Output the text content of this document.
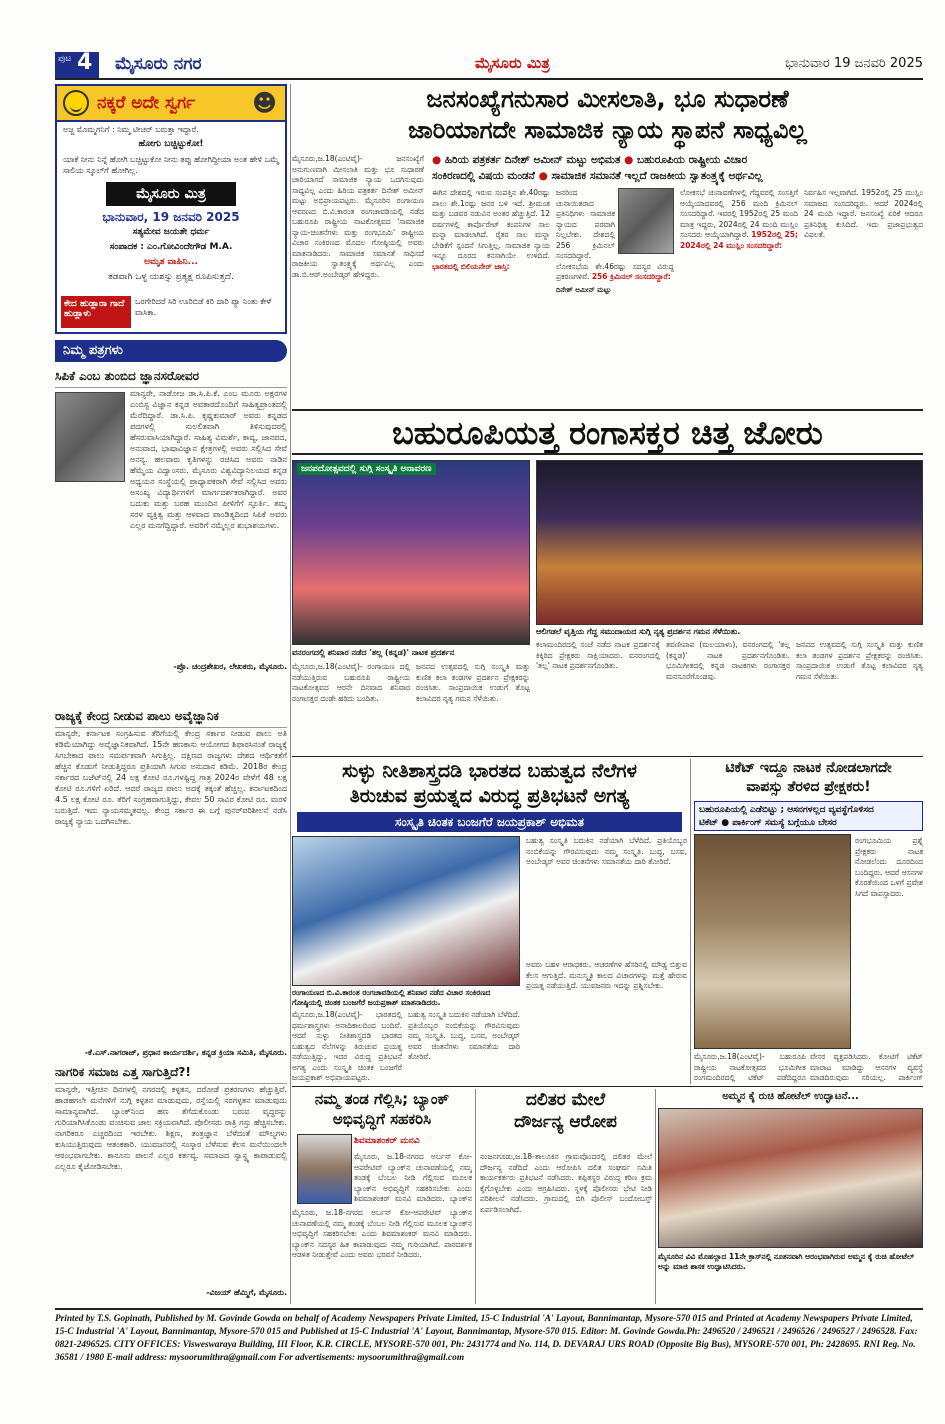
ಪುಟ 4 ಮೈಸೂರು ನಗರ	ಮೈಸೂರು ಮಿತ್ರ	ಭಾನುವಾರ 19 ಜನವರಿ 2025
ನಕ್ಕರೆ ಅದೇ ಸ್ವರ್ಗ ☻

ಅಜ್ಜ ಮೊಮ್ಮಗನಿಗೆ : ನಿಮ್ಮ ಟೀಚರ್ ಬರುತ್ತಾ ಇದ್ದಾರೆ.

ಹೋಗು ಬಚ್ಚಿಟ್ಟುಕೋ!

ಯಾಕೆ ನೀನು ನಿನ್ನೆ ಹೋಗಿ ಬಚ್ಚಿಟ್ಟುಕೋ ನೀನು ತಪ್ಪು ಹೋಗಿದ್ದೀಯಾ ಅಂತ ಹೇಳಿ ಒಮ್ಮೆ ಸಾಲಿಯ ಸ್ಕೂಲ್‌ಗೆ ಹೋಗಿಲ್ಲ.

ಮೈಸೂರು ಮಿತ್ರ
ಭಾನುವಾರ, 19 ಜನವರಿ 2025

ಸತ್ಯಮೇವ ಜಯತೇ ಧರ್ಮ

ಸಂಪಾದಕ : ಎಂ.ಗೋವಿಂದೇಗೌಡ M.A.

ಅಮೃತ ವಾಹಿನಿ...

ತಡವಾಗಿ ಒಳ್ಳ ಯಶಸ್ಸು ಪ್ರತ್ಯಕ್ಷ ರೂಪಿಸುತ್ತದೆ.

ಕೇದ ಹುಡ್ಲಾರಾ ಗಾದೆ ಹುಡ್ಲಾಳು
ಒರಗೇರಿದರೆ ಸಿರಿ ಊರಿಬಿಡೆ ಕಿರಿ ದಾರಿ ಪ್ಯಾ ನಿಂತು ಕೇಳೆ ವಾಸಿಕಾ.
ನಿಮ್ಮ ಪತ್ರಗಳು
ಸಿಪಿಕೆ ಎಂಬ ತುಂಬಿದ ಜ್ಞಾನಸರೋವರ
ಮಾನ್ಯರೇ, ನಾಡೋಜ ಡಾ.ಸಿ.ಪಿ.ಕೆ. ಎಂಬ ಮೂರು ಅಕ್ಷರಗಳ ಎಂಬಿಸ್ಟ ವಿಜ್ಞಾನ ಕನ್ನಡ ಅವತಾರದೊಂದಿಗೆ ಸಾಹಿತ್ಯಪ್ರಾಂತದಲ್ಲಿ ಮೆರೆದಿದ್ದಾರೆ. ಡಾ.ಸಿ.ಪಿ. ಕೃಷ್ಣಕುಮಾರ್ ಅವರು ಕನ್ನಡದ ಪದಗಳಲ್ಲಿ ಸುಲಲಿತವಾಗಿ ತಿಳಿಸುವುದರಲ್ಲಿ ಹೆಸರುವಾಸಿಯಾಗಿದ್ದಾರೆ. ಸಾಹಿತ್ಯ ವಿಮರ್ಶೆ, ಕಾವ್ಯ, ಜಾನಪದ, ಅನುವಾದ, ಭಾಷಾವಿಜ್ಞಾನ ಕ್ಷೇತ್ರಗಳಲ್ಲಿ ಅವರು ಸಲ್ಲಿಸಿದ ಸೇವೆ ಅನನ್ಯ. ಹಲವಾರು ಕೃತಿಗಳನ್ನು ರಚಿಸಿದ ಅವರು ನಾಡಿನ ಹೆಮ್ಮೆಯ ವಿದ್ವಾಂಸರು. ಮೈಸೂರು ವಿಶ್ವವಿದ್ಯಾನಿಲಯದ ಕನ್ನಡ ಅಧ್ಯಯನ ಸಂಸ್ಥೆಯಲ್ಲಿ ಪ್ರಾಧ್ಯಾಪಕರಾಗಿ ಸೇವೆ ಸಲ್ಲಿಸಿದ ಅವರು ಅಸಂಖ್ಯ ವಿದ್ಯಾರ್ಥಿಗಳಿಗೆ ಮಾರ್ಗದರ್ಶಕರಾಗಿದ್ದಾರೆ. ಅವರ ಬದುಕು ಮತ್ತು ಬರಹ ಮುಂದಿನ ಪೀಳಿಗೆಗೆ ಸ್ಫೂರ್ತಿ. ತಮ್ಮ ಸರಳ ವ್ಯಕ್ತಿತ್ವ ಮತ್ತು ಆಳವಾದ ಪಾಂಡಿತ್ಯದಿಂದ ಸಿಪಿಕೆ ಅವರು ಎಲ್ಲರ ಮನಗೆದ್ದಿದ್ದಾರೆ. ಅವರಿಗೆ ನಮ್ಮೆಲ್ಲರ ಶುಭಾಶಯಗಳು.
-ಪ್ರೊ. ಚಂದ್ರಶೇಖರ, ಲೇಖಕರು, ಮೈಸೂರು.
ರಾಜ್ಯಕ್ಕೆ ಕೇಂದ್ರ ನೀಡುವ ಪಾಲು ಅವೈಜ್ಞಾನಿಕ
ಮಾನ್ಯರೇ, ಕರ್ನಾಟಕ ಸಂಗ್ರಹಿಸುವ ತೆರಿಗೆಯಲ್ಲಿ ಕೇಂದ್ರ ಸರ್ಕಾರ ನೀಡುವ ಪಾಲು ಅತಿ ಕಡಿಮೆಯಾಗಿದ್ದು ಅವೈಜ್ಞಾನಿಕವಾಗಿದೆ. 15ನೇ ಹಣಕಾಸು ಆಯೋಗದ ಶಿಫಾರಸಿನಂತೆ ರಾಜ್ಯಕ್ಕೆ ಸಿಗಬೇಕಾದ ಪಾಲು ಸಮರ್ಪಕವಾಗಿ ಸಿಗುತ್ತಿಲ್ಲ. ದಕ್ಷಿಣದ ರಾಜ್ಯಗಳು ದೇಶದ ಆರ್ಥಿಕತೆಗೆ ಹೆಚ್ಚಿನ ಕೊಡುಗೆ ನೀಡುತ್ತಿದ್ದರೂ ಪ್ರತಿಯಾಗಿ ಸಿಗುವ ಅನುದಾನ ಕಡಿಮೆ. 2018ರ ಕೇಂದ್ರ ಸರ್ಕಾರದ ಬಜೆಟ್‌ನಲ್ಲಿ 24 ಲಕ್ಷ ಕೋಟಿ ರೂ.ಗಳಷ್ಟಿದ್ದ ಗಾತ್ರ 2024ರ ವೇಳೆಗೆ 48 ಲಕ್ಷ ಕೋಟಿ ರೂ.ಗಳಿಗೆ ಏರಿದೆ. ಆದರೆ ರಾಜ್ಯದ ಪಾಲು ಅದಕ್ಕೆ ತಕ್ಕಂತೆ ಹೆಚ್ಚಿಲ್ಲ. ಕರ್ನಾಟಕದಿಂದ 4.5 ಲಕ್ಷ ಕೋಟಿ ರೂ. ತೆರಿಗೆ ಸಂಗ್ರಹವಾಗುತ್ತಿದ್ದು, ಕೇವಲ 50 ಸಾವಿರ ಕೋಟಿ ರೂ. ಮರಳಿ ಬರುತ್ತಿದೆ. ಇದು ನ್ಯಾಯಸಮ್ಮತವಲ್ಲ. ಕೇಂದ್ರ ಸರ್ಕಾರ ಈ ಬಗ್ಗೆ ಪುನರ್‌ಪರಿಶೀಲನೆ ನಡೆಸಿ ರಾಜ್ಯಕ್ಕೆ ನ್ಯಾಯ ಒದಗಿಸಬೇಕು.
-ಕೆ.ಎಸ್.ನಾಗರಾಜ್, ಪ್ರಧಾನ ಕಾರ್ಯದರ್ಶಿ, ಕನ್ನಡ ಕ್ರಿಯಾ ಸಮಿತಿ, ಮೈಸೂರು.
ನಾಗರಿಕ ಸಮಾಜ ಎತ್ತ ಸಾಗುತ್ತಿದೆ?!
ಮಾನ್ಯರೇ, ಇತ್ತೀಚಿನ ದಿನಗಳಲ್ಲಿ ನಗರದಲ್ಲಿ ಕಳ್ಳತನ, ದರೋಡೆ ಪ್ರಕರಣಗಳು ಹೆಚ್ಚುತ್ತಿವೆ. ಹಾಡಹಗಲೇ ಮನೆಗಳಿಗೆ ನುಗ್ಗಿ ಕಳ್ಳತನ ಮಾಡುವುದು, ರಸ್ತೆಯಲ್ಲಿ ಸರಗಳ್ಳತನ ಮಾಡುವುದು ಸಾಮಾನ್ಯವಾಗಿದೆ. ಬ್ಯಾಂಕ್‌ನಿಂದ ಹಣ ತೆಗೆದುಕೊಂಡು ಬರುವ ವೃದ್ಧರನ್ನು ಗುರಿಯಾಗಿಸಿಕೊಂಡು ವಂಚಿಸುವ ಜಾಲ ಸಕ್ರಿಯವಾಗಿದೆ. ಪೊಲೀಸರು ರಾತ್ರಿ ಗಸ್ತು ಹೆಚ್ಚಿಸಬೇಕು. ನಾಗರಿಕರೂ ಎಚ್ಚರದಿಂದ ಇರಬೇಕು. ಶಿಕ್ಷಣ, ತಂತ್ರಜ್ಞಾನ ಬೆಳೆದಂತೆ ಮೌಲ್ಯಗಳು ಕುಸಿಯುತ್ತಿರುವುದು ಆತಂಕಕಾರಿ. ಯುವಜನರಲ್ಲಿ ಸಂಸ್ಕಾರ ಬೆಳೆಸುವ ಕೆಲಸ ಮನೆಯಿಂದಲೇ ಆರಂಭವಾಗಬೇಕು. ಕಾನೂನು ಪಾಲನೆ ಎಲ್ಲರ ಕರ್ತವ್ಯ. ಸಮಾಜದ ಸ್ವಾಸ್ಥ್ಯ ಕಾಪಾಡುವಲ್ಲಿ ಎಲ್ಲರೂ ಕೈಜೋಡಿಸಬೇಕು.
-ವಿಜಯ್ ಹೆಮ್ಮಿಗೆ, ಮೈಸೂರು.
ಜನಸಂಖ್ಯೆಗನುಸಾರ ಮೀಸಲಾತಿ, ಭೂ ಸುಧಾರಣೆ
ಜಾರಿಯಾಗದೇ ಸಾಮಾಜಿಕ ನ್ಯಾಯ ಸ್ಥಾಪನೆ ಸಾಧ್ಯವಿಲ್ಲ
● ಹಿರಿಯ ಪತ್ರಕರ್ತ ದಿನೇಶ್ ಅಮೀನ್ ಮಟ್ಟು ಅಭಿಮತ ● ಬಹುರೂಪಿಯ ರಾಷ್ಟ್ರೀಯ ವಿಚಾರ
ಸಂಕಿರಣದಲ್ಲಿ ವಿಷಯ ಮಂಡನೆ ● ಸಾಮಾಜಿಕ ಸಮಾನತೆ ಇಲ್ಲದೆ ರಾಜಕೀಯ ಸ್ವಾತಂತ್ರ್ಯಕ್ಕೆ ಅರ್ಥವಿಲ್ಲ
ಮೈಸೂರು,ಜ.18(ಎಂಟಿವೈ)- ಜನಸಂಖ್ಯೆಗೆ ಅನುಗುಣವಾಗಿ ಮೀಸಲಾತಿ ಮತ್ತು ಭೂ ಸುಧಾರಣೆ ಜಾರಿಯಾಗದೆ ಸಾಮಾಜಿಕ ನ್ಯಾಯ ಒದಗಿಸುವುದು ಸಾಧ್ಯವಿಲ್ಲ ಎಂದು ಹಿರಿಯ ಪತ್ರಕರ್ತ ದಿನೇಶ್ ಅಮೀನ್ ಮಟ್ಟು ಅಭಿಪ್ರಾಯಪಟ್ಟರು. ಮೈಸೂರಿನ ರಂಗಾಯಣ ಆವರಣದ ಬಿ.ವಿ.ಕಾರಂತ ರಂಗಚಾವಡಿಯಲ್ಲಿ ನಡೆದ ಬಹುರೂಪಿ ರಾಷ್ಟ್ರೀಯ ನಾಟಕೋತ್ಸವದ 'ಸಾಮಾಜಿಕ ನ್ಯಾಯ-ಚಿಂತನೆಗಳು ಮತ್ತು ರಂಗಭೂಮಿ' ರಾಷ್ಟ್ರೀಯ ವಿಚಾರ ಸಂಕಿರಣದ ಮೊದಲ ಗೋಷ್ಠಿಯಲ್ಲಿ ಅವರು ಮಾತನಾಡಿದರು. ಸಾಮಾಜಿಕ ಸಮಾನತೆ ಸಾಧಿಸದೆ ರಾಜಕೀಯ ಸ್ವಾತಂತ್ರ್ಯಕ್ಕೆ ಅರ್ಥವಿಲ್ಲ ಎಂದು ಡಾ.ಬಿ.ಆರ್.ಅಂಬೇಡ್ಕರ್ ಹೇಳಿದ್ದರು.
ಈಗಿನ ದೇಶದಲ್ಲಿ ಇರುವ ಸಂಪತ್ತಿನ ಶೇ.40ರಷ್ಟು ಪಾಲು ಶೇ.1ರಷ್ಟು ಜನರ ಬಳಿ ಇದೆ. ಶ್ರೀಮಂತ ಮತ್ತು ಬಡವರ ನಡುವಿನ ಅಂತರ ಹೆಚ್ಚುತ್ತಿದೆ. 12 ವರ್ಷಗಳಲ್ಲಿ ಕಾರ್ಪೊರೇಟ್ ಕಂಪನಿಗಳ ಸಾಲ ಮನ್ನಾ ಮಾಡಲಾಗಿದೆ. ರೈತರ ಸಾಲ ಮನ್ನಾ ಬೇಡಿಕೆಗೆ ಸ್ಪಂದನೆ ಸಿಗುತ್ತಿಲ್ಲ. ಸಾಮಾಜಿಕ ನ್ಯಾಯ ಇನ್ನೂ ದೂರದ ಕನಸಾಗಿಯೇ ಉಳಿದಿದೆ. ಭಾರತದಲ್ಲಿ ಬಿಲಿಯನೇರ್ ಜಾಸ್ತಿ:
ಜನರಿಂದ ಚುನಾಯಿತರಾದ ಪ್ರತಿನಿಧಿಗಳು ಸಾಮಾಜಿಕ ನ್ಯಾಯದ ಪರವಾಗಿ ನಿಲ್ಲಬೇಕು. ದೇಶದಲ್ಲಿ 256 ಕ್ರಿಮಿನಲ್ ಸಂಸದರಿದ್ದಾರೆ. ಲೋಕಸಭೆಯ ಶೇ.46ರಷ್ಟು ಸದಸ್ಯರ ವಿರುದ್ಧ ಪ್ರಕರಣಗಳಿವೆ. 256 ಕ್ರಿಮಿನಲ್ ಸಂಸದರಿದ್ದಾರೆ:
ದಿನೇಶ್ ಅಮೀನ್ ಮಟ್ಟು
ಲೋಕಸಭೆ ಚುನಾವಣೆಗಳಲ್ಲಿ ಗೆದ್ದವರಲ್ಲಿ ಸಂಸತ್ತಿಗೆ ಆಯ್ಕೆಯಾದವರಲ್ಲಿ 256 ಮಂದಿ ಕ್ರಿಮಿನಲ್ ಸಂಸದರಿದ್ದಾರೆ. ಇವರಲ್ಲಿ 1952ರಲ್ಲಿ 25 ಮಂದಿ ಮಾತ್ರ ಇದ್ದರು, 2024ರಲ್ಲಿ 24 ಮಂದಿ ಮುಸ್ಲಿಂ ಸಂಸದರು ಆಯ್ಕೆಯಾಗಿದ್ದಾರೆ. 1952ರಲ್ಲಿ 25; 2024ರಲ್ಲಿ 24 ಮುಸ್ಲಿಂ ಸಂಸದರಿದ್ದಾರೆ:
ನಿರ್ವಹಿಸ ಇಲ್ಲವಾಗಿದೆ. 1952ರಲ್ಲಿ 25 ಮುಸ್ಲಿಂ ಸಮಾಜದ ಸಂಸದರಿದ್ದರು. ಆದರೆ 2024ರಲ್ಲಿ 24 ಮಂದಿ ಇದ್ದಾರೆ. ಜನಸಂಖ್ಯೆ ಏರಿಕೆ ಆದರೂ ಪ್ರತಿನಿಧಿತ್ವ ಕುಸಿದಿದೆ. ಇದು ಪ್ರಜಾಪ್ರಭುತ್ವದ ವಿಫಲತೆ.
ಬಹುರೂಪಿಯತ್ತ ರಂಗಾಸಕ್ತರ ಚಿತ್ತ ಜೋರು
ಜನಪದೋತ್ಸವದಲ್ಲಿ ಸುಗ್ಗಿ ಸಂಸ್ಕೃತಿ ಅನಾವರಣ
ವನರಂಗದಲ್ಲಿ ಶನಿವಾರ ನಡೆದ 'ತಲ್ಲ (ಕನ್ನಡ)' ನಾಟಕ ಪ್ರದರ್ಶನ
ಆಲಿಗಡಲೆ ವೃತ್ತಿಯ ಗೆದ್ದ ಸಮುದಾಯದ ಸುಗ್ಗಿ ನೃತ್ಯ ಪ್ರದರ್ಶನ ಗಮನ ಸೆಳೆಯಿತು.
ಮೈಸೂರು,ಜ.18(ಎಂಟಿವೈ)- ರಂಗಾಯಣ ದಲ್ಲಿ ನಡೆಯುತ್ತಿರುವ ಬಹುರೂಪಿ ರಾಷ್ಟ್ರೀಯ ನಾಟಕೋತ್ಸವದ ಆರನೇ ದಿನವಾದ ಶನಿವಾರ ರಂಗಾಸಕ್ತರ ದಂಡೇ ಹರಿದು ಬಂದಿತು.
ಜನಪದ ಉತ್ಸವದಲ್ಲಿ ಸುಗ್ಗಿ ಸಂಸ್ಕೃತಿ ಮತ್ತು ಕುಣಿತ ಕಲಾ ತಂಡಗಳ ಪ್ರದರ್ಶನ ಪ್ರೇಕ್ಷಕರನ್ನು ರಂಜಿಸಿತು. ಸಾಂಪ್ರದಾಯಿಕ ಉಡುಗೆ ತೊಟ್ಟ ಕಲಾವಿದರ ನೃತ್ಯ ಗಮನ ಸೆಳೆಯಿತು.
ಕಲಾಮಂದಿರದಲ್ಲಿ ಸಂಜೆ ನಡೆದ ನಾಟಕ ಪ್ರದರ್ಶನಕ್ಕೆ ಕಿಕ್ಕಿರಿದ ಪ್ರೇಕ್ಷಕರು ಸಾಕ್ಷಿಯಾದರು. ವನರಂಗದಲ್ಲಿ 'ತಲ್ಲ' ನಾಟಕ ಪ್ರದರ್ಶನಗೊಂಡಿತು.
ತವಣೀಪಾಪ (ಮಲಯಾಳಂ), ವನರಂಗದಲ್ಲಿ 'ತಲ್ಲ (ಕನ್ನಡ)' ನಾಟಕ ಪ್ರದರ್ಶನಗೊಂಡಿತು. ಭೂಮಿಗೀತದಲ್ಲಿ ಕನ್ನಡ ನಾಟಕಗಳು ರಂಗಾಸಕ್ತರ ಮನಸೂರೆಗೊಂಡವು.
ಜನಪದ ಉತ್ಸವದಲ್ಲಿ ಸುಗ್ಗಿ ಸಂಸ್ಕೃತಿ ಮತ್ತು ಕುಣಿತ ಕಲಾ ತಂಡಗಳ ಪ್ರದರ್ಶನ ಪ್ರೇಕ್ಷಕರನ್ನು ರಂಜಿಸಿತು. ಸಾಂಪ್ರದಾಯಿಕ ಉಡುಗೆ ತೊಟ್ಟ ಕಲಾವಿದರ ನೃತ್ಯ ಗಮನ ಸೆಳೆಯಿತು.
ಸುಳ್ಳು ನೀತಿಶಾಸ್ತ್ರದಡಿ ಭಾರತದ ಬಹುತ್ವದ ನೆಲೆಗಳ
ತಿರುಚುವ ಪ್ರಯತ್ನದ ವಿರುದ್ಧ ಪ್ರತಿಭಟನೆ ಅಗತ್ಯ
ಸಂಸ್ಕೃತಿ ಚಿಂತಕ ಬಂಜಗೆರೆ ಜಯಪ್ರಕಾಶ್ ಅಭಿಮತ
ರಂಗಾಯಣದ ಬಿ.ವಿ.ಕಾರಂತ ರಂಗಚಾವಡಿಯಲ್ಲಿ ಶನಿವಾರ ನಡೆದ ವಿಚಾರ ಸಂಕಿರಣದ ಗೋಷ್ಠಿಯಲ್ಲಿ ಚಿಂತಕ ಬಂಜಗೆರೆ ಜಯಪ್ರಕಾಶ್ ಮಾತನಾಡಿದರು.
ಬಹುತ್ವ ಸಂಸ್ಕೃತಿ ಬದುಕಿನ ನಡೆಯಾಗಿ ಬೆಳೆದಿದೆ. ಪ್ರತಿಯೊಬ್ಬರ ನಂಬಿಕೆಯನ್ನು ಗೌರವಿಸುವುದು ನಮ್ಮ ಸಂಸ್ಕೃತಿ. ಬುದ್ಧ, ಬಸವ, ಅಂಬೇಡ್ಕರ್ ಅವರ ಚಿಂತನೆಗಳು ಸಮಾನತೆಯ ದಾರಿ ತೋರಿವೆ.
ಮೈಸೂರು,ಜ.18(ಎಂಟಿವೈ)- ಭಾರತದಲ್ಲಿ ಧರ್ಮಶಾಸ್ತ್ರಗಳು ಅನಾದಿಕಾಲದಿಂದ ಬಂದಿವೆ. ಆದರೆ ಸುಳ್ಳು ನೀತಿಶಾಸ್ತ್ರದಡಿ ಭಾರತದ ಬಹುತ್ವದ ನೆಲೆಗಳನ್ನು ತಿರುಚುವ ಪ್ರಯತ್ನ ನಡೆಯುತ್ತಿದ್ದು, ಇದರ ವಿರುದ್ಧ ಪ್ರತಿಭಟನೆ ಅಗತ್ಯ ಎಂದು ಸಂಸ್ಕೃತಿ ಚಿಂತಕ ಬಂಜಗೆರೆ ಜಯಪ್ರಕಾಶ್ ಅಭಿಪ್ರಾಯಪಟ್ಟರು.
ಬಹುತ್ವ ಸಂಸ್ಕೃತಿ ಬದುಕಿನ ನಡೆಯಾಗಿ ಬೆಳೆದಿದೆ. ಪ್ರತಿಯೊಬ್ಬರ ನಂಬಿಕೆಯನ್ನು ಗೌರವಿಸುವುದು ನಮ್ಮ ಸಂಸ್ಕೃತಿ. ಬುದ್ಧ, ಬಸವ, ಅಂಬೇಡ್ಕರ್ ಅವರ ಚಿಂತನೆಗಳು ಸಮಾನತೆಯ ದಾರಿ ತೋರಿವೆ.
ಅವರು ಬಹಳ ಆರಾಧಕರು. ಆಚರಣೆಗಳ ಹೆಸರಿನಲ್ಲಿ ಮೌಢ್ಯ ಬಿತ್ತುವ ಕೆಲಸ ಆಗುತ್ತಿದೆ. ಮನುಸ್ಮೃತಿ ಕಾಲದ ವಿಚಾರಗಳನ್ನು ಮತ್ತೆ ಹೇರುವ ಪ್ರಯತ್ನ ನಡೆಯುತ್ತಿದೆ. ಯುವಜನರು ಇದನ್ನು ಪ್ರಶ್ನಿಸಬೇಕು.
ಟಿಕೆಟ್ ಇದ್ದೂ ನಾಟಕ ನೋಡಲಾಗದೇ
ವಾಪಸ್ಸು ತೆರಳಿದ ಪ್ರೇಕ್ಷಕರು!
ಬಹುರೂಪಿಯಲ್ಲಿ ಎಡೆಬಿಟ್ಟು ; ಆಸನಗಳಲ್ಲದ ವ್ಯವಸ್ಥೆಗೊಳಿಸದ
ಟಿಕೆಟ್ ● ಪಾರ್ಕಿಂಗ್ ಸಮಸ್ಯೆ ಬಗ್ಗೆಯೂ ಬೇಸರ
ರಂಗಭೂಮಿಯ ಪ್ರಶ್ನೆ ಪ್ರೇಕ್ಷಕರು ನಾಟಕ ನೋಡಲೆಂದು ದೂರದಿಂದ ಬಂದಿದ್ದರು. ಆದರೆ ಆಸನಗಳ ಕೊರತೆಯಿಂದ ಒಳಗೆ ಪ್ರವೇಶ ಸಿಗದೆ ವಾಪಸ್ಸಾದರು.
ಮೈಸೂರು,ಜ.18(ಎಂಟಿವೈ)- ಬಹುರೂಪಿ ರಾಷ್ಟ್ರೀಯ ನಾಟಕೋತ್ಸವದ ಭೂಮಿಗೀತ ರಂಗಮಂದಿರದಲ್ಲಿ ಟಿಕೆಟ್ ಪಡೆದಿದ್ದರೂ
ವೇಸರ ವ್ಯಕ್ತಪಡಿಸಿದರು. ಕೋಟಿಗೆ ಟಿಕೆಟ್ ಮಾರಾಟ ಮಾಡಿದ್ದು ಆಸನಗಳ ವ್ಯವಸ್ಥೆ ಮಾಡದಿರುವುದು ಸರಿಯಲ್ಲ. ಪಾರ್ಕಿಂಗ್
ನಮ್ಮ ತಂಡ ಗೆಲ್ಲಿಸಿ; ಬ್ಯಾಂಕ್
ಅಭಿವೃದ್ಧಿಗೆ ಸಹಕರಿಸಿ
ಶಿವಮಾಶಂಕರ್ ಮನವಿ
ಮೈಸೂರು, ಜ.18-ನಗರದ ಅರ್ಬನ್ ಕೋ-ಆಪರೇಟಿವ್ ಬ್ಯಾಂಕ್‌ನ ಚುನಾವಣೆಯಲ್ಲಿ ನಮ್ಮ ತಂಡಕ್ಕೆ ಬೆಂಬಲ ನೀಡಿ ಗೆಲ್ಲಿಸುವ ಮೂಲಕ ಬ್ಯಾಂಕ್‌ನ ಅಭಿವೃದ್ಧಿಗೆ ಸಹಕರಿಸಬೇಕು ಎಂದು ಶಿವಮಾಶಂಕರ್ ಮನವಿ ಮಾಡಿದರು. ಬ್ಯಾಂಕ್‌ನ
ಮೈಸೂರು, ಜ.18-ನಗರದ ಅರ್ಬನ್ ಕೋ-ಆಪರೇಟಿವ್ ಬ್ಯಾಂಕ್‌ನ ಚುನಾವಣೆಯಲ್ಲಿ ನಮ್ಮ ತಂಡಕ್ಕೆ ಬೆಂಬಲ ನೀಡಿ ಗೆಲ್ಲಿಸುವ ಮೂಲಕ ಬ್ಯಾಂಕ್‌ನ ಅಭಿವೃದ್ಧಿಗೆ ಸಹಕರಿಸಬೇಕು ಎಂದು ಶಿವಮಾಶಂಕರ್ ಮನವಿ ಮಾಡಿದರು. ಬ್ಯಾಂಕ್‌ನ ಸದಸ್ಯರ ಹಿತ ಕಾಪಾಡುವುದು ನಮ್ಮ ಗುರಿಯಾಗಿದೆ. ಪಾರದರ್ಶಕ ಆಡಳಿತ ನೀಡುತ್ತೇವೆ ಎಂದು ಅವರು ಭರವಸೆ ನೀಡಿದರು.
ದಲಿತರ ಮೇಲೆ
ದೌರ್ಜನ್ಯ ಆರೋಪ
ನಂಜನಗೂಡು,ಜ.18-ತಾಲೂಕಿನ ಗ್ರಾಮವೊಂದರಲ್ಲಿ ದಲಿತರ ಮೇಲೆ ದೌರ್ಜನ್ಯ ನಡೆದಿದೆ ಎಂದು ಆರೋಪಿಸಿ ದಲಿತ ಸಂಘರ್ಷ ಸಮಿತಿ ಕಾರ್ಯಕರ್ತರು ಪ್ರತಿಭಟನೆ ನಡೆಸಿದರು. ತಪ್ಪಿತಸ್ಥರ ವಿರುದ್ಧ ಕಠಿಣ ಕ್ರಮ ಕೈಗೊಳ್ಳಬೇಕು ಎಂದು ಆಗ್ರಹಿಸಿದರು. ಸ್ಥಳಕ್ಕೆ ಪೊಲೀಸರು ಭೇಟಿ ನೀಡಿ ಪರಿಶೀಲನೆ ನಡೆಸಿದರು. ಗ್ರಾಮದಲ್ಲಿ ಬಿಗಿ ಪೊಲೀಸ್ ಬಂದೋಬಸ್ತ್ ಏರ್ಪಡಿಸಲಾಗಿದೆ.
ಅಮ್ಮನ ಕೈ ರುಚಿ ಹೋಟೆಲ್ ಉದ್ಘಾಟನೆ...
ಮೈಸೂರಿನ ವಿವಿ ಮೊಹಲ್ಲಾದ 11ನೇ ಕ್ರಾಸ್‌ನಲ್ಲಿ ನೂತನವಾಗಿ ಆರಂಭವಾಗಿರುವ ಅಮ್ಮನ ಕೈ ರುಚಿ ಹೋಟೆಲ್ ಅನ್ನು ಮಾಜಿ ಶಾಸಕ ಉದ್ಘಾಟಿಸಿದರು.
Printed by T.S. Gopinath, Published by M. Govinde Gowda on behalf of Academy Newspapers Private Limited, 15-C Industrial 'A' Layout, Bannimantap, Mysore-570 015 and Printed at Academy Newspapers Private Limited, 15-C Industrial 'A' Layout, Bannimantap, Mysore-570 015 and Published at 15-C Industrial 'A' Layout, Bannimantap, Mysore-570 015. Editor: M. Govinde Gowda.Ph: 2496520 / 2496521 / 2496526 / 2496527 / 2496528. Fax: 0821-2496525. CITY OFFICES: Visweswaraya Building, III Floor, K.R. CIRCLE, MYSORE-570 001, Ph: 2431774 and No. 114, D. DEVARAJ URS ROAD (Opposite Big Bus), MYSORE-570 001, Ph: 2428695. RNI Reg. No. 36581 / 1980 E-mail address: mysoorumithra@gmail.com For advertisements: mysoorumithra@gmail.com
